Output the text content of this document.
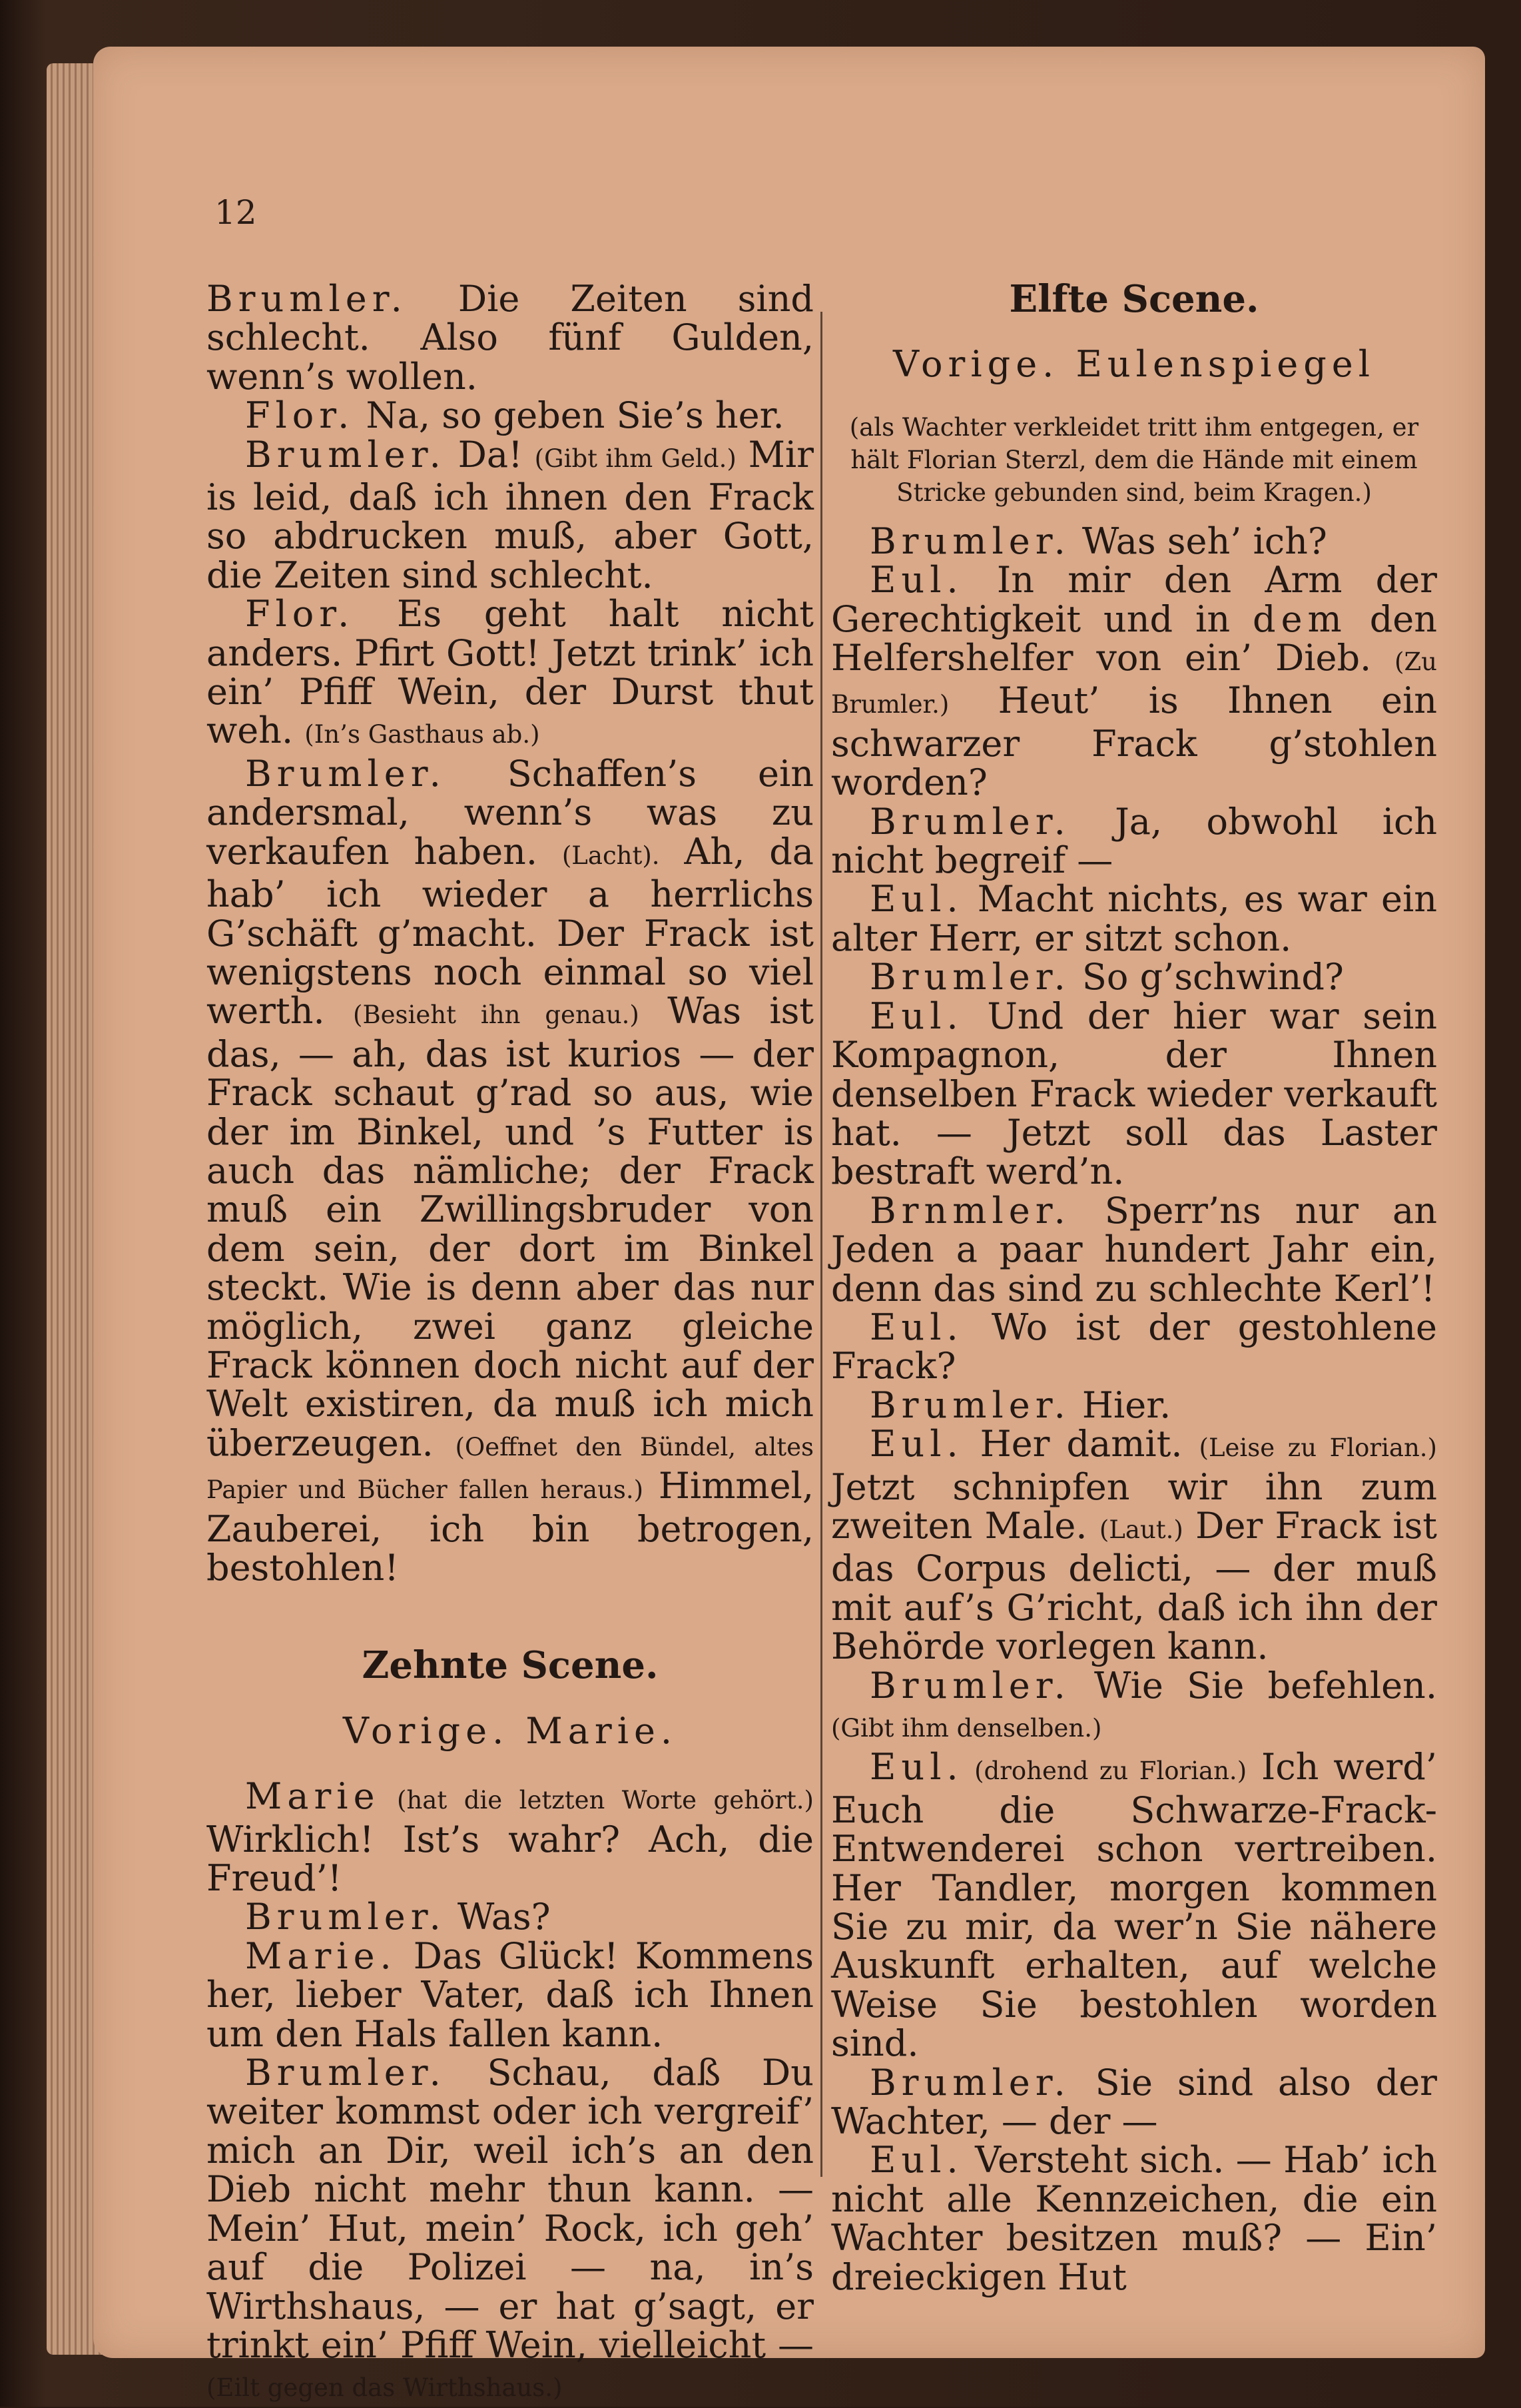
12

Brumler. Die Zeiten sind schlecht. Also fünf Gulden, wenn’s wollen.

Flor. Na, so geben Sie’s her.

Brumler. Da! (Gibt ihm Geld.) Mir is leid, daß ich ihnen den Frack so abdrucken muß, aber Gott, die Zeiten sind schlecht.

Flor. Es geht halt nicht anders. Pfirt Gott! Jetzt trink’ ich ein’ Pfiff Wein, der Durst thut weh. (In’s Gasthaus ab.)

Brumler. Schaffen’s ein andersmal, wenn’s was zu verkaufen haben. (Lacht). Ah, da hab’ ich wieder a herrlichs G’schäft g’macht. Der Frack ist wenigstens noch einmal so viel werth. (Besieht ihn genau.) Was ist das, — ah, das ist kurios — der Frack schaut g’rad so aus, wie der im Binkel, und ’s Futter is auch das nämliche; der Frack muß ein Zwillingsbruder von dem sein, der dort im Binkel steckt. Wie is denn aber das nur möglich, zwei ganz gleiche Frack können doch nicht auf der Welt existiren, da muß ich mich überzeugen. (Oeffnet den Bündel, altes Papier und Bücher fallen heraus.) Himmel, Zauberei, ich bin betrogen, bestohlen!

Zehnte Scene.

Vorige. Marie.

Marie (hat die letzten Worte gehört.) Wirklich! Ist’s wahr? Ach, die Freud’!

Brumler. Was?

Marie. Das Glück! Kommens her, lieber Vater, daß ich Ihnen um den Hals fallen kann.

Brumler. Schau, daß Du weiter kommst oder ich vergreif’ mich an Dir, weil ich’s an den Dieb nicht mehr thun kann. — Mein’ Hut, mein’ Rock, ich geh’ auf die Polizei — na, in’s Wirthshaus, — er hat g’sagt, er trinkt ein’ Pfiff Wein, vielleicht — (Eilt gegen das Wirthshaus.)

Elfte Scene.

Vorige. Eulenspiegel

(als Wachter verkleidet tritt ihm entgegen, er hält Florian Sterzl, dem die Hände mit einem Stricke gebunden sind, beim Kragen.)

Brumler. Was seh’ ich?

Eul. In mir den Arm der Gerechtigkeit und in dem den Helfershelfer von ein’ Dieb. (Zu Brumler.) Heut’ is Ihnen ein schwarzer Frack g’stohlen worden?

Brumler. Ja, obwohl ich nicht begreif —

Eul. Macht nichts, es war ein alter Herr, er sitzt schon.

Brumler. So g’schwind?

Eul. Und der hier war sein Kompagnon, der Ihnen denselben Frack wieder verkauft hat. — Jetzt soll das Laster bestraft werd’n.

Brnmler. Sperr’ns nur an Jeden a paar hundert Jahr ein, denn das sind zu schlechte Kerl’!

Eul. Wo ist der gestohlene Frack?

Brumler. Hier.

Eul. Her damit. (Leise zu Florian.) Jetzt schnipfen wir ihn zum zweiten Male. (Laut.) Der Frack ist das Corpus delicti, — der muß mit auf’s G’richt, daß ich ihn der Behörde vorlegen kann.

Brumler. Wie Sie befehlen. (Gibt ihm denselben.)

Eul. (drohend zu Florian.) Ich werd’ Euch die Schwarze-Frack-Entwenderei schon vertreiben. Her Tandler, morgen kommen Sie zu mir, da wer’n Sie nähere Auskunft erhalten, auf welche Weise Sie bestohlen worden sind.

Brumler. Sie sind also der Wachter, — der —

Eul. Versteht sich. — Hab’ ich nicht alle Kennzeichen, die ein Wachter besitzen muß? — Ein’ dreieckigen Hut
